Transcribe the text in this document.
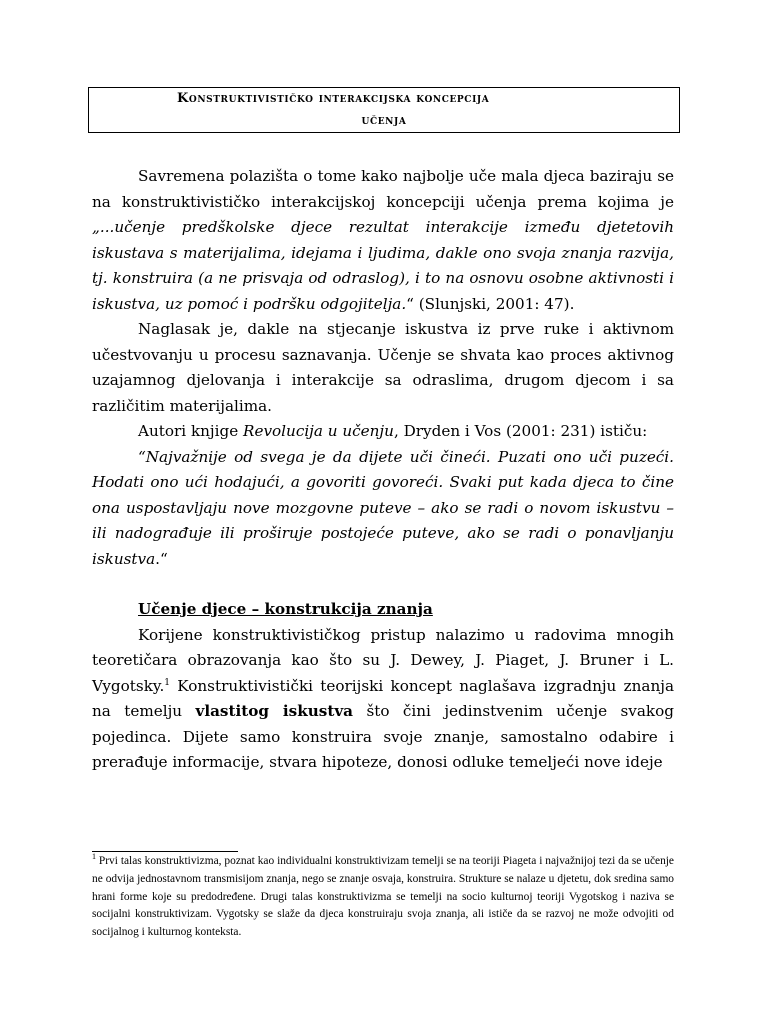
Konstruktivističko interakcijska koncepcija
učenja

Savremena polazišta o tome kako najbolje uče mala djeca baziraju se na konstruktivističko interakcijskoj koncepciji učenja prema kojima je „...učenje predškolske djece rezultat interakcije između djetetovih iskustava s materijalima, idejama i ljudima, dakle ono svoja znanja razvija, tj. konstruira (a ne prisvaja od odraslog), i to na osnovu osobne aktivnosti i iskustva, uz pomoć i podršku odgojitelja.“ (Slunjski, 2001: 47).

Naglasak je, dakle na stjecanje iskustva iz prve ruke i aktivnom učestvovanju u procesu saznavanja. Učenje se shvata kao proces aktivnog uzajamnog djelovanja i interakcije sa odraslima, drugom djecom i sa različitim materijalima.

Autori knjige Revolucija u učenju, Dryden i Vos (2001: 231) ističu:

“Najvažnije od svega je da dijete uči čineći. Puzati ono uči puzeći. Hodati ono ući hodajući, a govoriti govoreći. Svaki put kada djeca to čine ona uspostavljaju nove mozgovne puteve – ako se radi o novom iskustvu – ili nadograđuje ili proširuje postojeće puteve, ako se radi o ponavljanju iskustva.“

Učenje djece – konstrukcija znanja

Korijene konstruktivističkog pristup nalazimo u radovima mnogih teoretičara obrazovanja kao što su J. Dewey, J. Piaget, J. Bruner i L. Vygotsky.$^1$ Konstruktivistički teorijski koncept naglašava izgradnju znanja na temelju vlastitog iskustva što čini jedinstvenim učenje svakog pojedinca. Dijete samo konstruira svoje znanje, samostalno odabire i prerađuje informacije, stvara hipoteze, donosi odluke temeljeći nove ideje

$^1$ Prvi talas konstruktivizma, poznat kao individualni konstruktivizam temelji se na teoriji Piageta i najvažnijoj tezi da se učenje ne odvija jednostavnom transmisijom znanja, nego se znanje osvaja, konstruira. Strukture se nalaze u djetetu, dok sredina samo hrani forme koje su predodređene. Drugi talas konstruktivizma se temelji na socio kulturnoj teoriji Vygotskog i naziva se socijalni konstruktivizam. Vygotsky se slaže da djeca konstruiraju svoja znanja, ali ističe da se razvoj ne može odvojiti od socijalnog i kulturnog konteksta.
